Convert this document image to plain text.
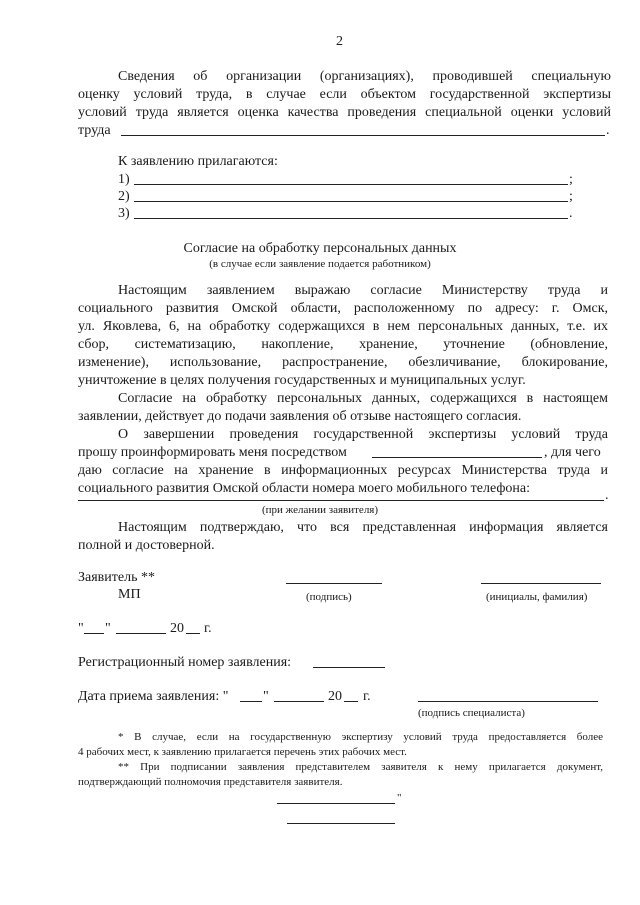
2
Сведения об организации (организациях), проводившей специальную
оценку условий труда, в случае если объектом государственной экспертизы
условий труда является оценка качества проведения специальной оценки условий
труда	.
К заявлению прилагаются:
1)	;
2)	;
3)	.
Согласие на обработку персональных данных
(в случае если заявление подается работником)
Настоящим заявлением выражаю согласие Министерству труда и
социального развития Омской области, расположенному по адресу: г. Омск,
ул. Яковлева, 6, на обработку содержащихся в нем персональных данных, т.е. их
сбор, систематизацию, накопление, хранение, уточнение (обновление,
изменение), использование, распространение, обезличивание, блокирование,
уничтожение в целях получения государственных и муниципальных услуг.
Согласие на обработку персональных данных, содержащихся в настоящем
заявлении, действует до подачи заявления об отзыве настоящего согласия.
О завершении проведения государственной экспертизы условий труда
прошу проинформировать меня посредством	, для чего
даю согласие на хранение в информационных ресурсах Министерства труда и
социального развития Омской области номера моего мобильного телефона:	.
(при желании заявителя)
Настоящим подтверждаю, что вся представленная информация является
полной и достоверной.
Заявитель **
МП	(подпись)	(инициалы, фамилия)
" "	20 г.
Регистрационный номер заявления:
Дата приема заявления: " "	20 г.
(подпись специалиста)
* В случае, если на государственную экспертизу условий труда предоставляется более
4 рабочих мест, к заявлению прилагается перечень этих рабочих мест.
** При подписании заявления представителем заявителя к нему прилагается документ,
подтверждающий полномочия представителя заявителя.
"
